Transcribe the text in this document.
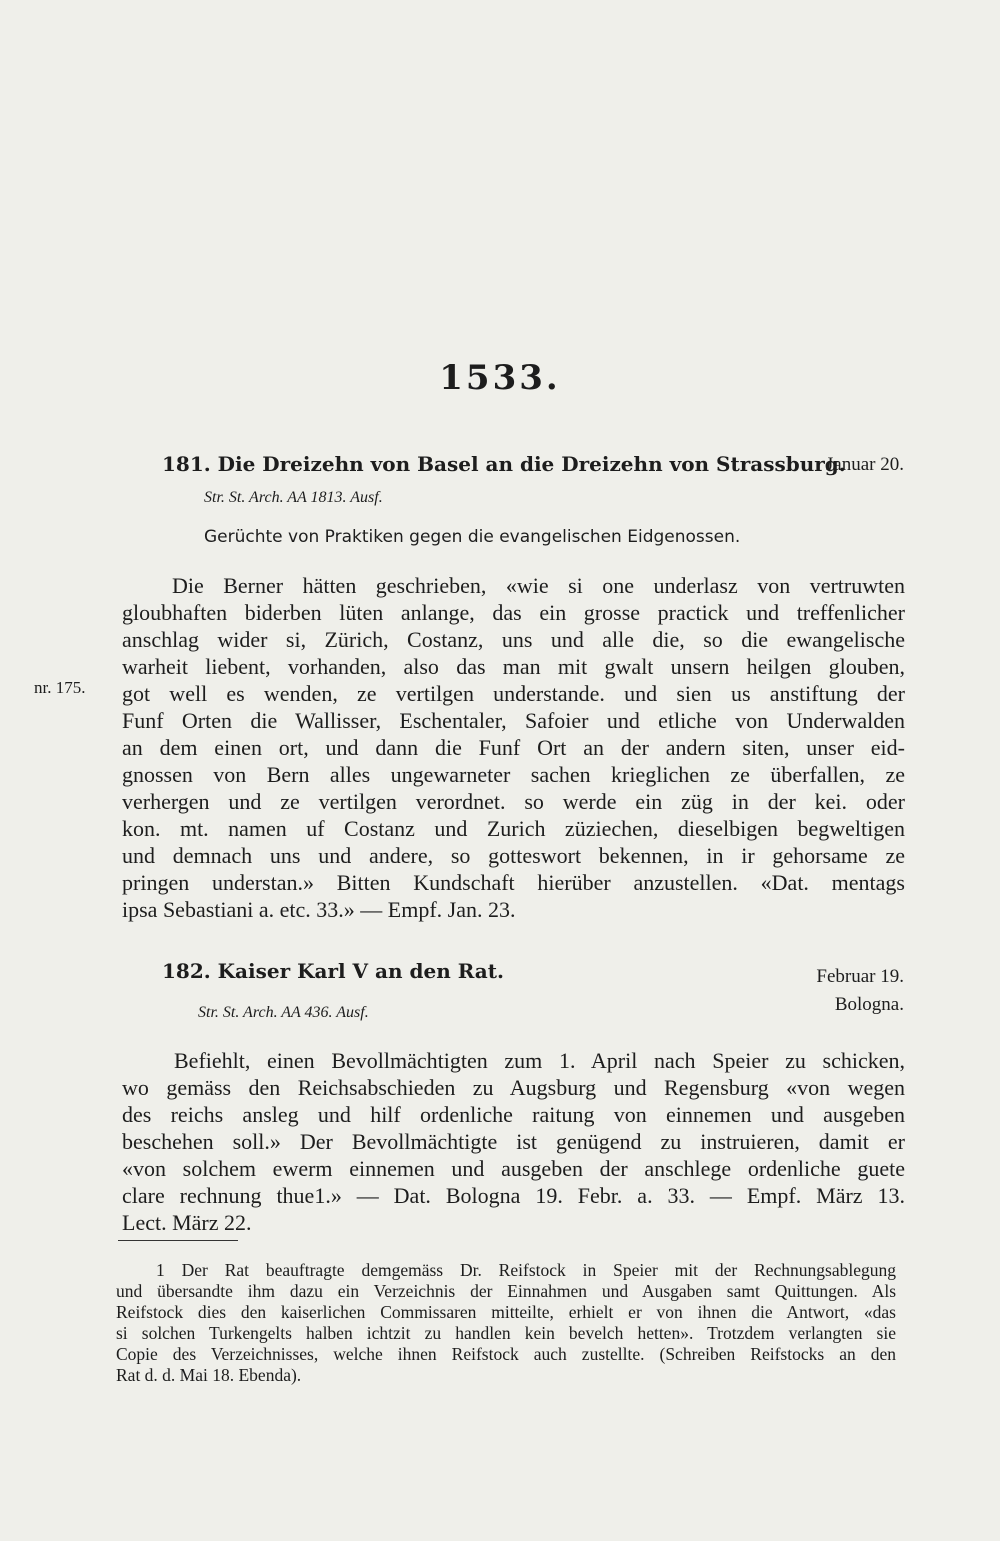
1533.
181. Die Dreizehn von Basel an die Dreizehn von Strassburg.
Januar 20.
Str. St. Arch. AA 1813. Ausf.
Gerüchte von Praktiken gegen die evangelischen Eidgenossen.
nr. 175.

Die Berner hätten geschrieben, «wie si one underlasz von vertruwten
gloubhaften biderben lüten anlange, das ein grosse practick und treffenlicher
anschlag wider si, Zürich, Costanz, uns und alle die, so die ewangelische
warheit liebent, vorhanden, also das man mit gwalt unsern heilgen glouben,
got well es wenden, ze vertilgen understande. und sien us anstiftung der
Funf Orten die Wallisser, Eschentaler, Safoier und etliche von Underwalden
an dem einen ort, und dann die Funf Ort an der andern siten, unser eid-
gnossen von Bern alles ungewarneter sachen krieglichen ze überfallen, ze
verhergen und ze vertilgen verordnet. so werde ein züg in der kei. oder
kon. mt. namen uf Costanz und Zurich züziechen, dieselbigen begweltigen
und demnach uns und andere, so gotteswort bekennen, in ir gehorsame ze
pringen understan.» Bitten Kundschaft hierüber anzustellen. «Dat. mentags
ipsa Sebastiani a. etc. 33.» — Empf. Jan. 23.

182. Kaiser Karl V an den Rat.	Februar 19.
Bologna.
Str. St. Arch. AA 436. Ausf.

Befiehlt, einen Bevollmächtigten zum 1. April nach Speier zu schicken,
wo gemäss den Reichsabschieden zu Augsburg und Regensburg «von wegen
des reichs ansleg und hilf ordenliche raitung von einnemen und ausgeben
beschehen soll.» Der Bevollmächtigte ist genügend zu instruieren, damit er
«von solchem ewerm einnemen und ausgeben der anschlege ordenliche guete
clare rechnung thue1.» — Dat. Bologna 19. Febr. a. 33. — Empf. März 13.
Lect. März 22.

1 Der Rat beauftragte demgemäss Dr. Reifstock in Speier mit der Rechnungsablegung
und übersandte ihm dazu ein Verzeichnis der Einnahmen und Ausgaben samt Quittungen. Als
Reifstock dies den kaiserlichen Commissaren mitteilte, erhielt er von ihnen die Antwort, «das
si solchen Turkengelts halben ichtzit zu handlen kein bevelch hetten». Trotzdem verlangten sie
Copie des Verzeichnisses, welche ihnen Reifstock auch zustellte. (Schreiben Reifstocks an den
Rat d. d. Mai 18. Ebenda).
